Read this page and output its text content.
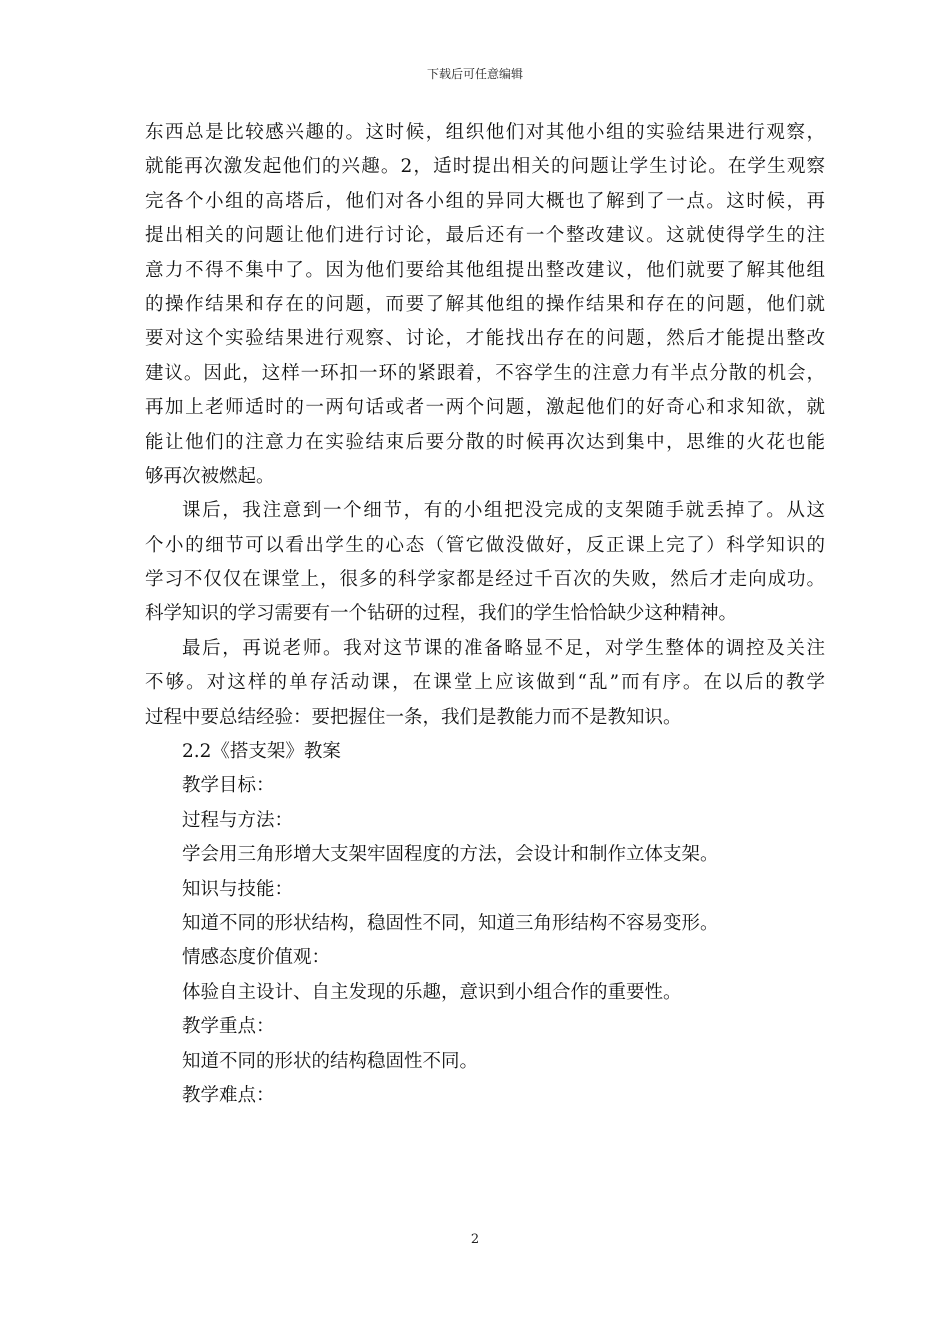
下载后可任意编辑
东西总是比较感兴趣的。这时候，组织他们对其他小组的实验结果进行观察，
就能再次激发起他们的兴趣。2，适时提出相关的问题让学生讨论。在学生观察
完各个小组的高塔后，他们对各小组的异同大概也了解到了一点。这时候，再
提出相关的问题让他们进行讨论，最后还有一个整改建议。这就使得学生的注
意力不得不集中了。因为他们要给其他组提出整改建议，他们就要了解其他组
的操作结果和存在的问题，而要了解其他组的操作结果和存在的问题，他们就
要对这个实验结果进行观察、讨论，才能找出存在的问题，然后才能提出整改
建议。因此，这样一环扣一环的紧跟着，不容学生的注意力有半点分散的机会，
再加上老师适时的一两句话或者一两个问题，激起他们的好奇心和求知欲，就
能让他们的注意力在实验结束后要分散的时候再次达到集中，思维的火花也能
够再次被燃起。
课后，我注意到一个细节，有的小组把没完成的支架随手就丢掉了。从这
个小的细节可以看出学生的心态（管它做没做好，反正课上完了）科学知识的
学习不仅仅在课堂上，很多的科学家都是经过千百次的失败，然后才走向成功。
科学知识的学习需要有一个钻研的过程，我们的学生恰恰缺少这种精神。
最后，再说老师。我对这节课的准备略显不足，对学生整体的调控及关注
不够。对这样的单存活动课，在课堂上应该做到“乱”而有序。在以后的教学
过程中要总结经验：要把握住一条，我们是教能力而不是教知识。
2.2《搭支架》教案
教学目标：
过程与方法：
学会用三角形增大支架牢固程度的方法，会设计和制作立体支架。
知识与技能：
知道不同的形状结构，稳固性不同，知道三角形结构不容易变形。
情感态度价值观：
体验自主设计、自主发现的乐趣，意识到小组合作的重要性。
教学重点：
知道不同的形状的结构稳固性不同。
教学难点：
2
